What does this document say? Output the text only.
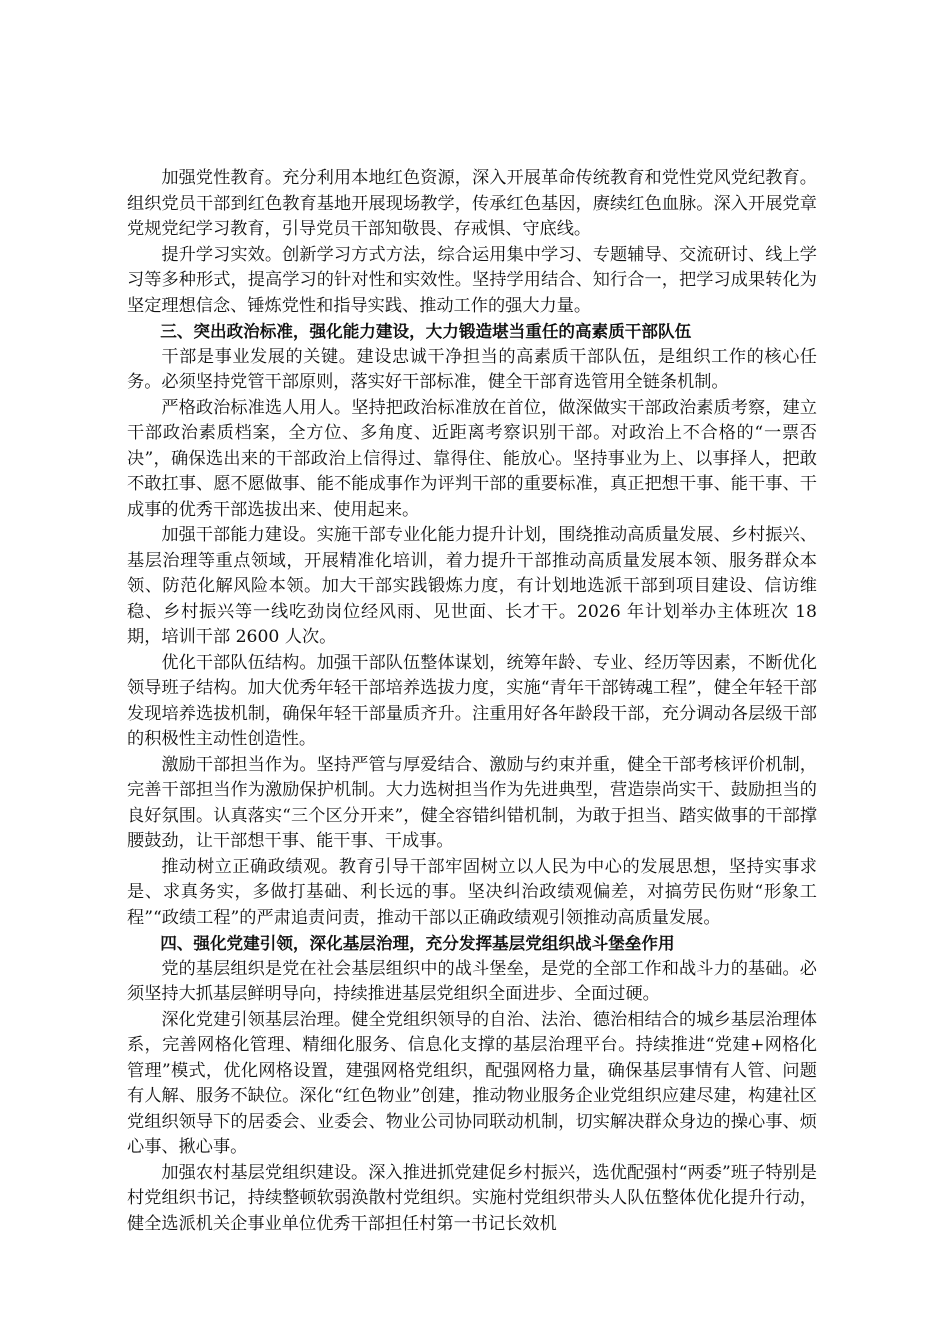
加强党性教育。充分利用本地红色资源，深入开展革命传统教育和党性党风党纪教育。组织党员干部到红色教育基地开展现场教学，传承红色基因，赓续红色血脉。深入开展党章党规党纪学习教育，引导党员干部知敬畏、存戒惧、守底线。

提升学习实效。创新学习方式方法，综合运用集中学习、专题辅导、交流研讨、线上学习等多种形式，提高学习的针对性和实效性。坚持学用结合、知行合一，把学习成果转化为坚定理想信念、锤炼党性和指导实践、推动工作的强大力量。

三、突出政治标准，强化能力建设，大力锻造堪当重任的高素质干部队伍

干部是事业发展的关键。建设忠诚干净担当的高素质干部队伍，是组织工作的核心任务。必须坚持党管干部原则，落实好干部标准，健全干部育选管用全链条机制。

严格政治标准选人用人。坚持把政治标准放在首位，做深做实干部政治素质考察，建立干部政治素质档案，全方位、多角度、近距离考察识别干部。对政治上不合格的“一票否决”，确保选出来的干部政治上信得过、靠得住、能放心。坚持事业为上、以事择人，把敢不敢扛事、愿不愿做事、能不能成事作为评判干部的重要标准，真正把想干事、能干事、干成事的优秀干部选拔出来、使用起来。

加强干部能力建设。实施干部专业化能力提升计划，围绕推动高质量发展、乡村振兴、基层治理等重点领域，开展精准化培训，着力提升干部推动高质量发展本领、服务群众本领、防范化解风险本领。加大干部实践锻炼力度，有计划地选派干部到项目建设、信访维稳、乡村振兴等一线吃劲岗位经风雨、见世面、长才干。2026 年计划举办主体班次 18 期，培训干部 2600 人次。

优化干部队伍结构。加强干部队伍整体谋划，统筹年龄、专业、经历等因素，不断优化领导班子结构。加大优秀年轻干部培养选拔力度，实施“青年干部铸魂工程”，健全年轻干部发现培养选拔机制，确保年轻干部量质齐升。注重用好各年龄段干部，充分调动各层级干部的积极性主动性创造性。

激励干部担当作为。坚持严管与厚爱结合、激励与约束并重，健全干部考核评价机制，完善干部担当作为激励保护机制。大力选树担当作为先进典型，营造崇尚实干、鼓励担当的良好氛围。认真落实“三个区分开来”，健全容错纠错机制，为敢于担当、踏实做事的干部撑腰鼓劲，让干部想干事、能干事、干成事。

推动树立正确政绩观。教育引导干部牢固树立以人民为中心的发展思想，坚持实事求是、求真务实，多做打基础、利长远的事。坚决纠治政绩观偏差，对搞劳民伤财“形象工程”“政绩工程”的严肃追责问责，推动干部以正确政绩观引领推动高质量发展。

四、强化党建引领，深化基层治理，充分发挥基层党组织战斗堡垒作用

党的基层组织是党在社会基层组织中的战斗堡垒，是党的全部工作和战斗力的基础。必须坚持大抓基层鲜明导向，持续推进基层党组织全面进步、全面过硬。

深化党建引领基层治理。健全党组织领导的自治、法治、德治相结合的城乡基层治理体系，完善网格化管理、精细化服务、信息化支撑的基层治理平台。持续推进“党建+网格化管理”模式，优化网格设置，建强网格党组织，配强网格力量，确保基层事情有人管、问题有人解、服务不缺位。深化“红色物业”创建，推动物业服务企业党组织应建尽建，构建社区党组织领导下的居委会、业委会、物业公司协同联动机制，切实解决群众身边的操心事、烦心事、揪心事。

加强农村基层党组织建设。深入推进抓党建促乡村振兴，选优配强村“两委”班子特别是村党组织书记，持续整顿软弱涣散村党组织。实施村党组织带头人队伍整体优化提升行动，健全选派机关企事业单位优秀干部担任村第一书记长效机
